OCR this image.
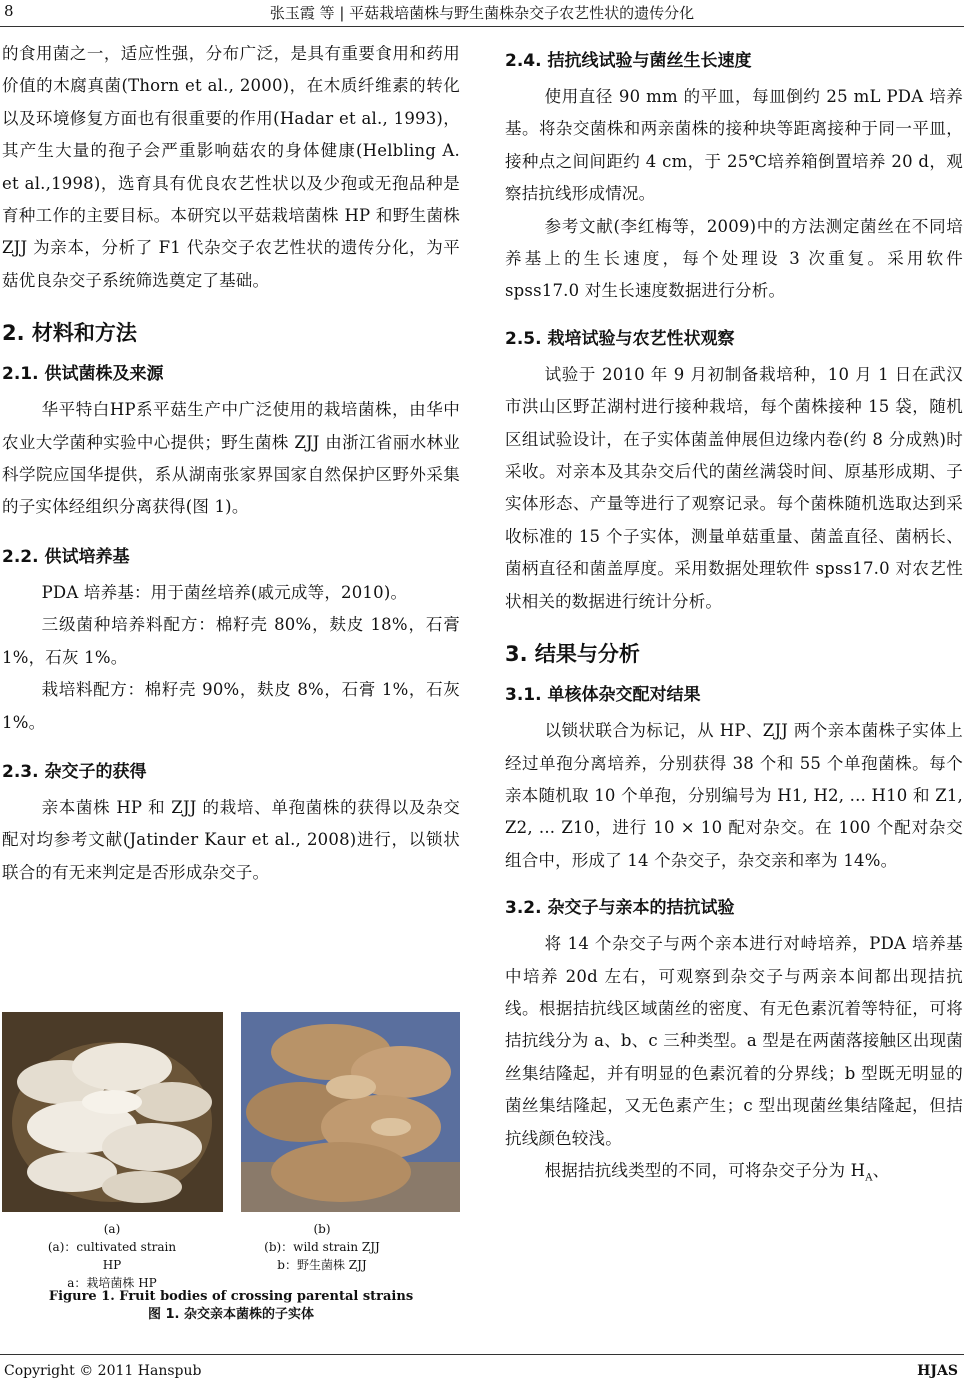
8	张玉霞 等 | 平菇栽培菌株与野生菌株杂交子农艺性状的遗传分化

的食用菌之一，适应性强，分布广泛，是具有重要食用和药用价值的木腐真菌(Thorn et al., 2000)，在木质纤维素的转化以及环境修复方面也有很重要的作用(Hadar et al., 1993)，其产生大量的孢子会严重影响菇农的身体健康(Helbling A. et al.,1998)，选育具有优良农艺性状以及少孢或无孢品种是育种工作的主要目标。本研究以平菇栽培菌株 HP 和野生菌株 ZJJ 为亲本，分析了 F1 代杂交子农艺性状的遗传分化，为平菇优良杂交子系统筛选奠定了基础。

2. 材料和方法
2.1. 供试菌株及来源

华平特白HP系平菇生产中广泛使用的栽培菌株，由华中农业大学菌种实验中心提供；野生菌株 ZJJ 由浙江省丽水林业科学院应国华提供，系从湖南张家界国家自然保护区野外采集的子实体经组织分离获得(图 1)。

2.2. 供试培养基

PDA 培养基：用于菌丝培养(戚元成等，2010)。

三级菌种培养料配方：棉籽壳 80%，麸皮 18%，石膏 1%，石灰 1%。

栽培料配方：棉籽壳 90%，麸皮 8%，石膏 1%，石灰 1%。

2.3. 杂交子的获得

亲本菌株 HP 和 ZJJ 的栽培、单孢菌株的获得以及杂交配对均参考文献(Jatinder Kaur et al., 2008)进行，以锁状联合的有无来判定是否形成杂交子。

(a)
(a)：cultivated strain HP
a：栽培菌株 HP
(b)
(b)：wild strain ZJJ
b：野生菌株 ZJJ
Figure 1. Fruit bodies of crossing parental strains
图 1. 杂交亲本菌株的子实体
2.4. 拮抗线试验与菌丝生长速度

使用直径 90 mm 的平皿，每皿倒约 25 mL PDA 培养基。将杂交菌株和两亲菌株的接种块等距离接种于同一平皿，接种点之间间距约 4 cm，于 25℃培养箱倒置培养 20 d，观察拮抗线形成情况。

参考文献(李红梅等，2009)中的方法测定菌丝在不同培养基上的生长速度，每个处理设 3 次重复。采用软件 spss17.0 对生长速度数据进行分析。

2.5. 栽培试验与农艺性状观察

试验于 2010 年 9 月初制备栽培种，10 月 1 日在武汉市洪山区野芷湖村进行接种栽培，每个菌株接种 15 袋，随机区组试验设计，在子实体菌盖伸展但边缘内卷(约 8 分成熟)时采收。对亲本及其杂交后代的菌丝满袋时间、原基形成期、子实体形态、产量等进行了观察记录。每个菌株随机选取达到采收标准的 15 个子实体，测量单菇重量、菌盖直径、菌柄长、菌柄直径和菌盖厚度。采用数据处理软件 spss17.0 对农艺性状相关的数据进行统计分析。

3. 结果与分析
3.1. 单核体杂交配对结果

以锁状联合为标记，从 HP、ZJJ 两个亲本菌株子实体上经过单孢分离培养，分别获得 38 个和 55 个单孢菌株。每个亲本随机取 10 个单孢，分别编号为 H1, H2, ... H10 和 Z1, Z2, ... Z10，进行 10 × 10 配对杂交。在 100 个配对杂交组合中，形成了 14 个杂交子，杂交亲和率为 14%。

3.2. 杂交子与亲本的拮抗试验

将 14 个杂交子与两个亲本进行对峙培养，PDA 培养基中培养 20d 左右，可观察到杂交子与两亲本间都出现拮抗线。根据拮抗线区域菌丝的密度、有无色素沉着等特征，可将拮抗线分为 a、b、c 三种类型。a 型是在两菌落接触区出现菌丝集结隆起，并有明显的色素沉着的分界线；b 型既无明显的菌丝集结隆起，又无色素产生；c 型出现菌丝集结隆起，但拮抗线颜色较浅。

根据拮抗线类型的不同，可将杂交子分为 $H_A$、

Copyright © 2011 Hanspub	HJAS
